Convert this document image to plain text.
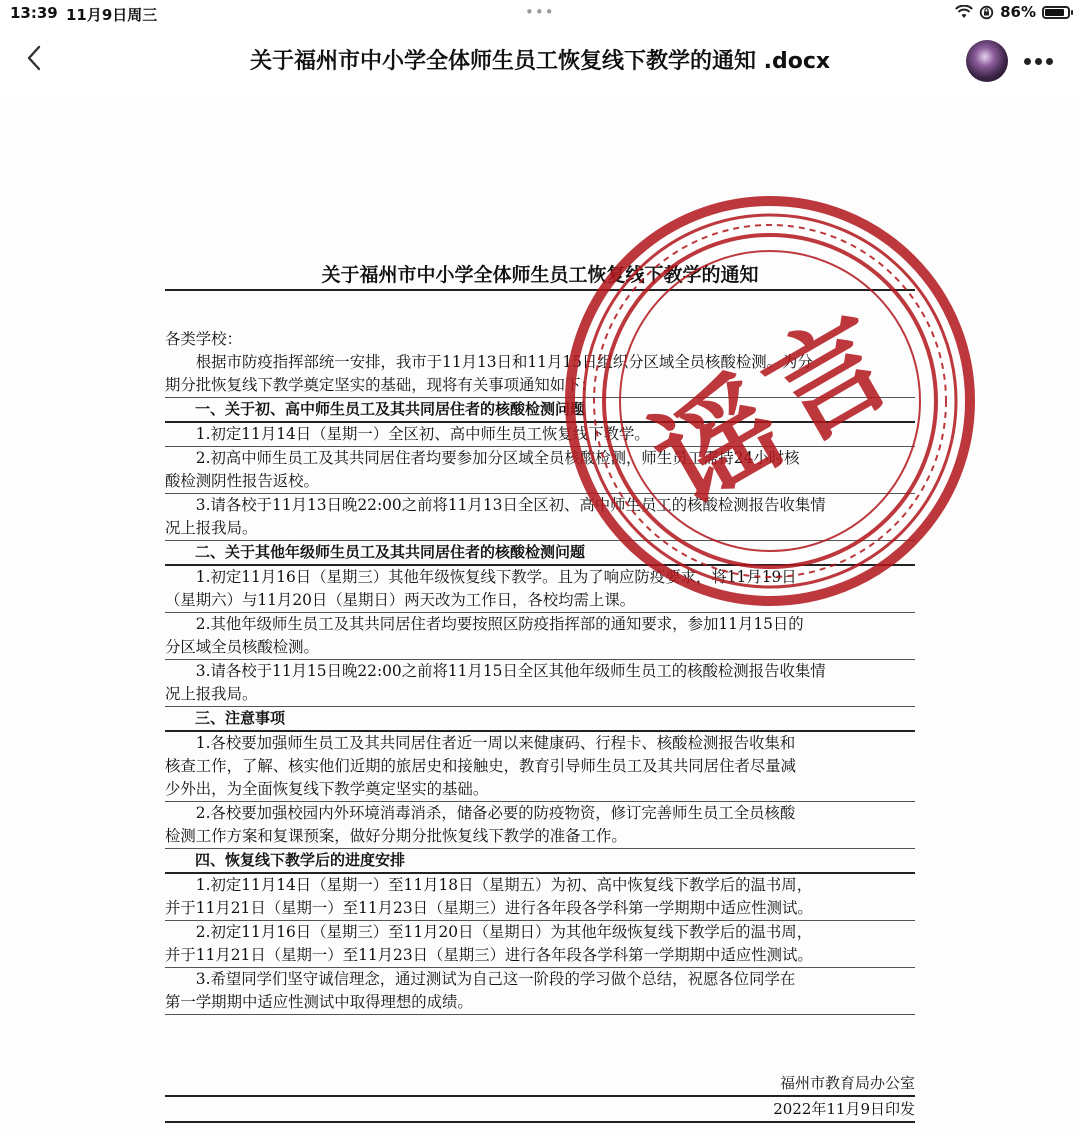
13:39 11月9日周三	•••	86%
关于福州市中小学全体师生员工恢复线下教学的通知 .docx
关于福州市中小学全体师生员工恢复线下教学的通知
各类学校：
　　根据市防疫指挥部统一安排，我市于11月13日和11月15日组织分区域全员核酸检测。为分
期分批恢复线下教学奠定坚实的基础，现将有关事项通知如下：
　　一、关于初、高中师生员工及其共同居住者的核酸检测问题
　　1.初定11月14日（星期一）全区初、高中师生员工恢复线下教学。
　　2.初高中师生员工及其共同居住者均要参加分区域全员核酸检测，师生员工需持24小时核
酸检测阴性报告返校。
　　3.请各校于11月13日晚22:00之前将11月13日全区初、高中师生员工的核酸检测报告收集情
况上报我局。
　　二、关于其他年级师生员工及其共同居住者的核酸检测问题
　　1.初定11月16日（星期三）其他年级恢复线下教学。且为了响应防疫要求，将11月19日
（星期六）与11月20日（星期日）两天改为工作日，各校均需上课。
　　2.其他年级师生员工及其共同居住者均要按照区防疫指挥部的通知要求，参加11月15日的
分区域全员核酸检测。
　　3.请各校于11月15日晚22:00之前将11月15日全区其他年级师生员工的核酸检测报告收集情
况上报我局。
　　三、注意事项
　　1.各校要加强师生员工及其共同居住者近一周以来健康码、行程卡、核酸检测报告收集和
核查工作，了解、核实他们近期的旅居史和接触史，教育引导师生员工及其共同居住者尽量减
少外出，为全面恢复线下教学奠定坚实的基础。
　　2.各校要加强校园内外环境消毒消杀，储备必要的防疫物资，修订完善师生员工全员核酸
检测工作方案和复课预案，做好分期分批恢复线下教学的准备工作。
　　四、恢复线下教学后的进度安排
　　1.初定11月14日（星期一）至11月18日（星期五）为初、高中恢复线下教学后的温书周，
并于11月21日（星期一）至11月23日（星期三）进行各年段各学科第一学期期中适应性测试。
　　2.初定11月16日（星期三）至11月20日（星期日）为其他年级恢复线下教学后的温书周，
并于11月21日（星期一）至11月23日（星期三）进行各年段各学科第一学期期中适应性测试。
　　3.希望同学们坚守诚信理念，通过测试为自己这一阶段的学习做个总结，祝愿各位同学在
第一学期期中适应性测试中取得理想的成绩。
福州市教育局办公室
2022年11月9日印发
谣
言
